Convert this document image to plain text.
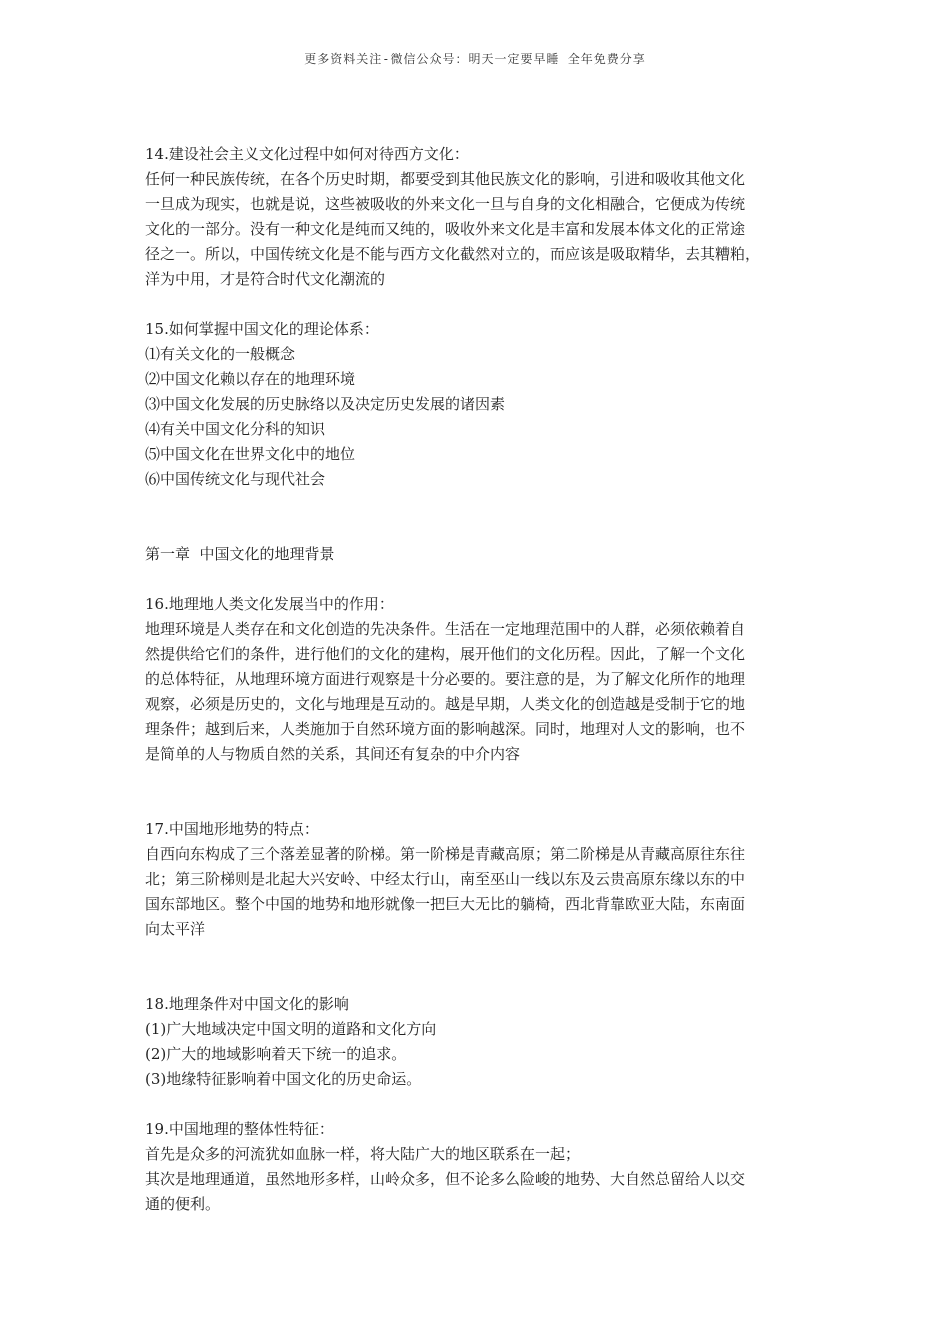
更多资料关注-微信公众号：明天一定要早睡 全年免费分享
14.建设社会主义文化过程中如何对待西方文化：
任何一种民族传统，在各个历史时期，都要受到其他民族文化的影响，引进和吸收其他文化
一旦成为现实，也就是说，这些被吸收的外来文化一旦与自身的文化相融合，它便成为传统
文化的一部分。没有一种文化是纯而又纯的，吸收外来文化是丰富和发展本体文化的正常途
径之一。所以，中国传统文化是不能与西方文化截然对立的，而应该是吸取精华，去其糟粕，
洋为中用，才是符合时代文化潮流的
15.如何掌握中国文化的理论体系：
⑴有关文化的一般概念
⑵中国文化赖以存在的地理环境
⑶中国文化发展的历史脉络以及决定历史发展的诸因素
⑷有关中国文化分科的知识
⑸中国文化在世界文化中的地位
⑹中国传统文化与现代社会
第一章  中国文化的地理背景
16.地理地人类文化发展当中的作用：
地理环境是人类存在和文化创造的先决条件。生活在一定地理范围中的人群，必须依赖着自
然提供给它们的条件，进行他们的文化的建构，展开他们的文化历程。因此，了解一个文化
的总体特征，从地理环境方面进行观察是十分必要的。要注意的是，为了解文化所作的地理
观察，必须是历史的，文化与地理是互动的。越是早期，人类文化的创造越是受制于它的地
理条件；越到后来，人类施加于自然环境方面的影响越深。同时，地理对人文的影响，也不
是简单的人与物质自然的关系，其间还有复杂的中介内容
17.中国地形地势的特点：
自西向东构成了三个落差显著的阶梯。第一阶梯是青藏高原；第二阶梯是从青藏高原往东往
北；第三阶梯则是北起大兴安岭、中经太行山，南至巫山一线以东及云贵高原东缘以东的中
国东部地区。整个中国的地势和地形就像一把巨大无比的躺椅，西北背靠欧亚大陆，东南面
向太平洋
18.地理条件对中国文化的影响
(1)广大地域决定中国文明的道路和文化方向
(2)广大的地域影响着天下统一的追求。
(3)地缘特征影响着中国文化的历史命运。
19.中国地理的整体性特征：
首先是众多的河流犹如血脉一样，将大陆广大的地区联系在一起；
其次是地理通道，虽然地形多样，山岭众多，但不论多么险峻的地势、大自然总留给人以交
通的便利。
